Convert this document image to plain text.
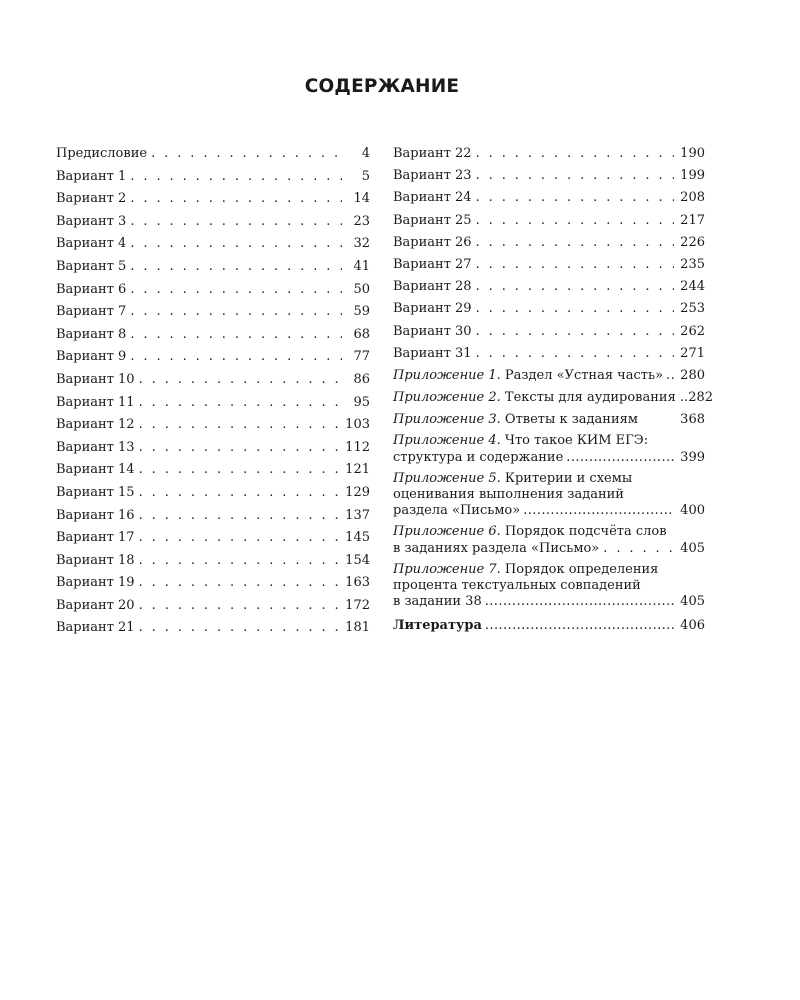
СОДЕРЖАНИЕ
Предисловие . . .	4
Вариант 1 . . .	5
Вариант 2 . . .	14
Вариант 3 . . .	23
Вариант 4 . . .	32
Вариант 5 . . .	41
Вариант 6 . . .	50
Вариант 7 . . .	59
Вариант 8 . . .	68
Вариант 9 . . .	77
Вариант 10 . . .	86
Вариант 11 . . .	95
Вариант 12 . . .	103
Вариант 13 . . .	112
Вариант 14 . . .	121
Вариант 15 . . .	129
Вариант 16 . . .	137
Вариант 17 . . .	145
Вариант 18 . . .	154
Вариант 19 . . .	163
Вариант 20 . . .	172
Вариант 21 . . .	181
Вариант 22 . . .	190
Вариант 23 . . .	199
Вариант 24 . . .	208
Вариант 25 . . .	217
Вариант 26 . . .	226
Вариант 27 . . .	235
Вариант 28 . . .	244
Вариант 29 . . .	253
Вариант 30 . . .	262
Вариант 31 . . .	271
Приложение 1. Раздел «Устная часть» ..... 280
Приложение 2. Тексты для аудирования .. 282
Приложение 3. Ответы к заданиям	368
Приложение 4. Что такое КИМ ЕГЭ:
структура и содержание .....	399
Приложение 5. Критерии и схемы
оценивания выполнения заданий
раздела «Письмо» .....	400
Приложение 6. Порядок подсчёта слов
в заданиях раздела «Письмо» . . .	405
Приложение 7. Порядок определения
процента текстуальных совпадений
в задании 38 .....	405
Литература .....	406
